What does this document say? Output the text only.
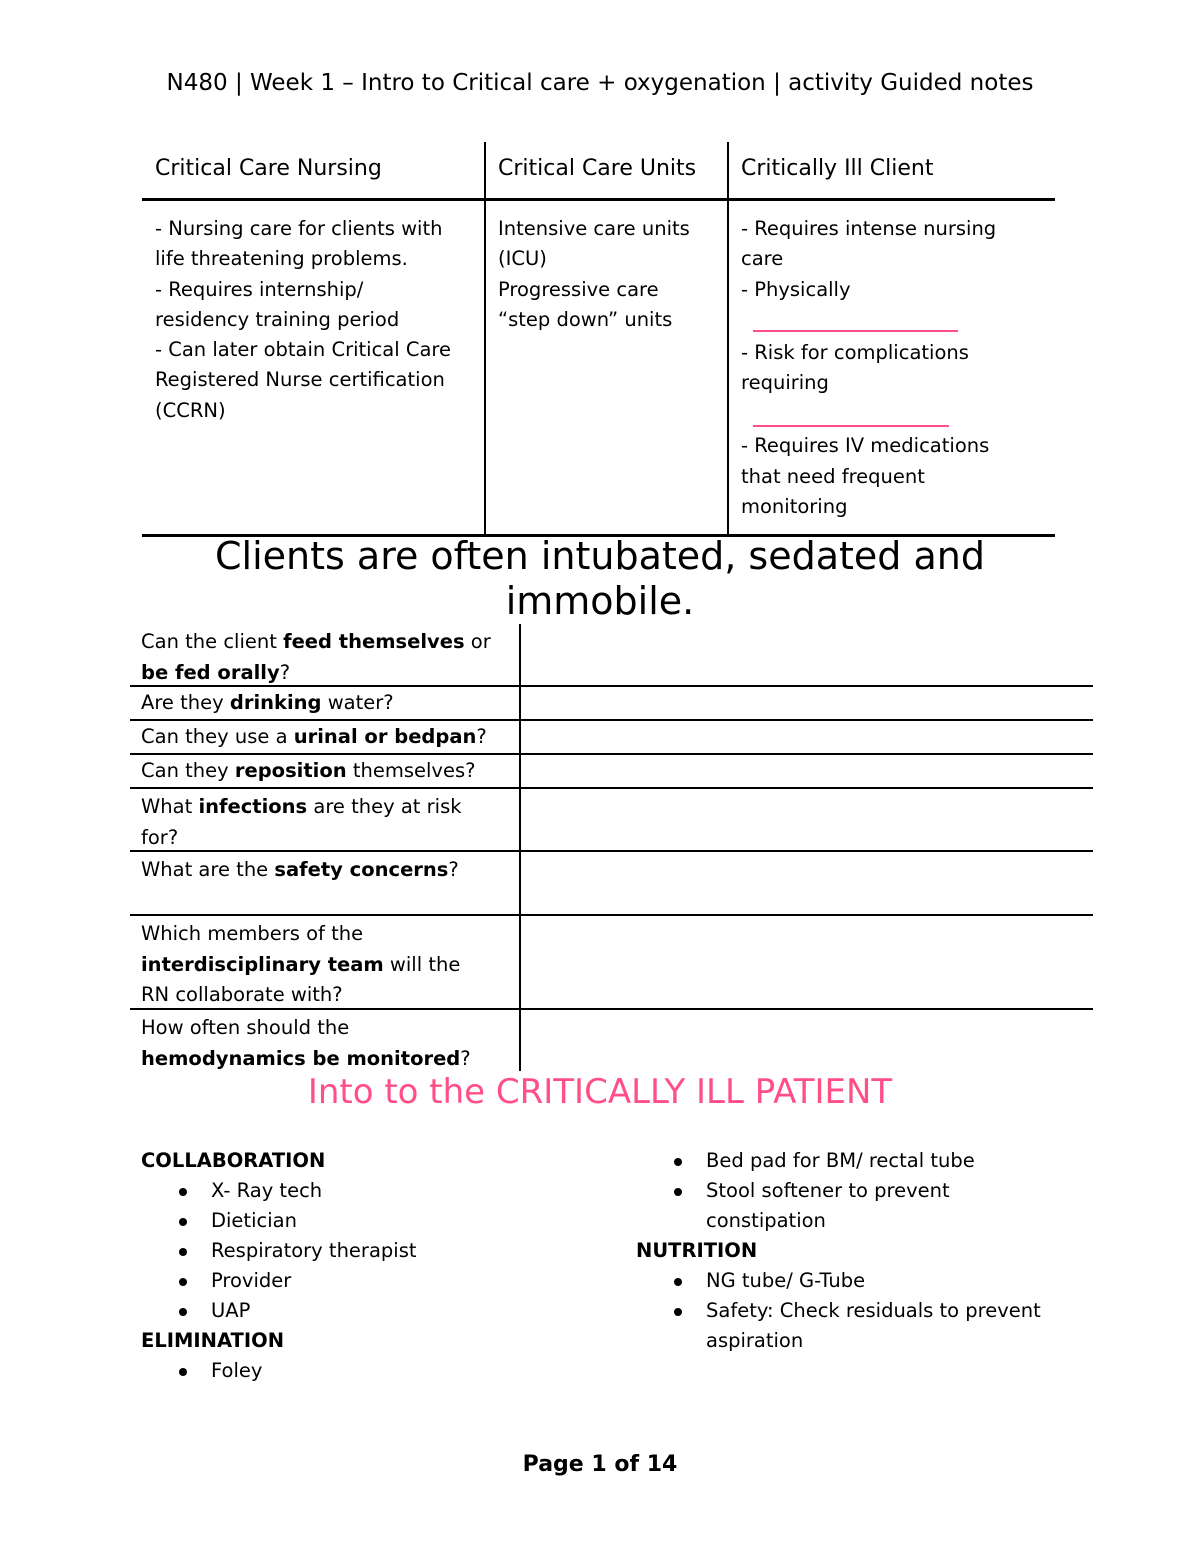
N480 | Week 1 – Intro to Critical care + oxygenation | activity Guided notes
Critical Care Nursing
- Nursing care for clients with
life threatening problems.
- Requires internship/
residency training period
- Can later obtain Critical Care
Registered Nurse certification
(CCRN)
Critical Care Units
Intensive care units
(ICU)
Progressive care
“step down” units
Critically Ill Client
- Requires intense nursing
care
- Physically
- Risk for complications
requiring
- Requires IV medications
that need frequent
monitoring
Clients are often intubated, sedated and
immobile.
Can the client feed themselves or be fed orally?
Are they drinking water?
Can they use a urinal or bedpan?
Can they reposition themselves?
What infections are they at risk for?
What are the safety concerns?
Which members of the interdisciplinary team will the RN collaborate with?
How often should the hemodynamics be monitored?
Into to the CRITICALLY ILL PATIENT
COLLABORATION
X- Ray tech
Dietician
Respiratory therapist
Provider
UAP
ELIMINATION
Foley
Bed pad for BM/ rectal tube
Stool softener to prevent
constipation

NUTRITION
NG tube/ G-Tube
Safety: Check residuals to prevent
aspiration

Page 1 of 14
